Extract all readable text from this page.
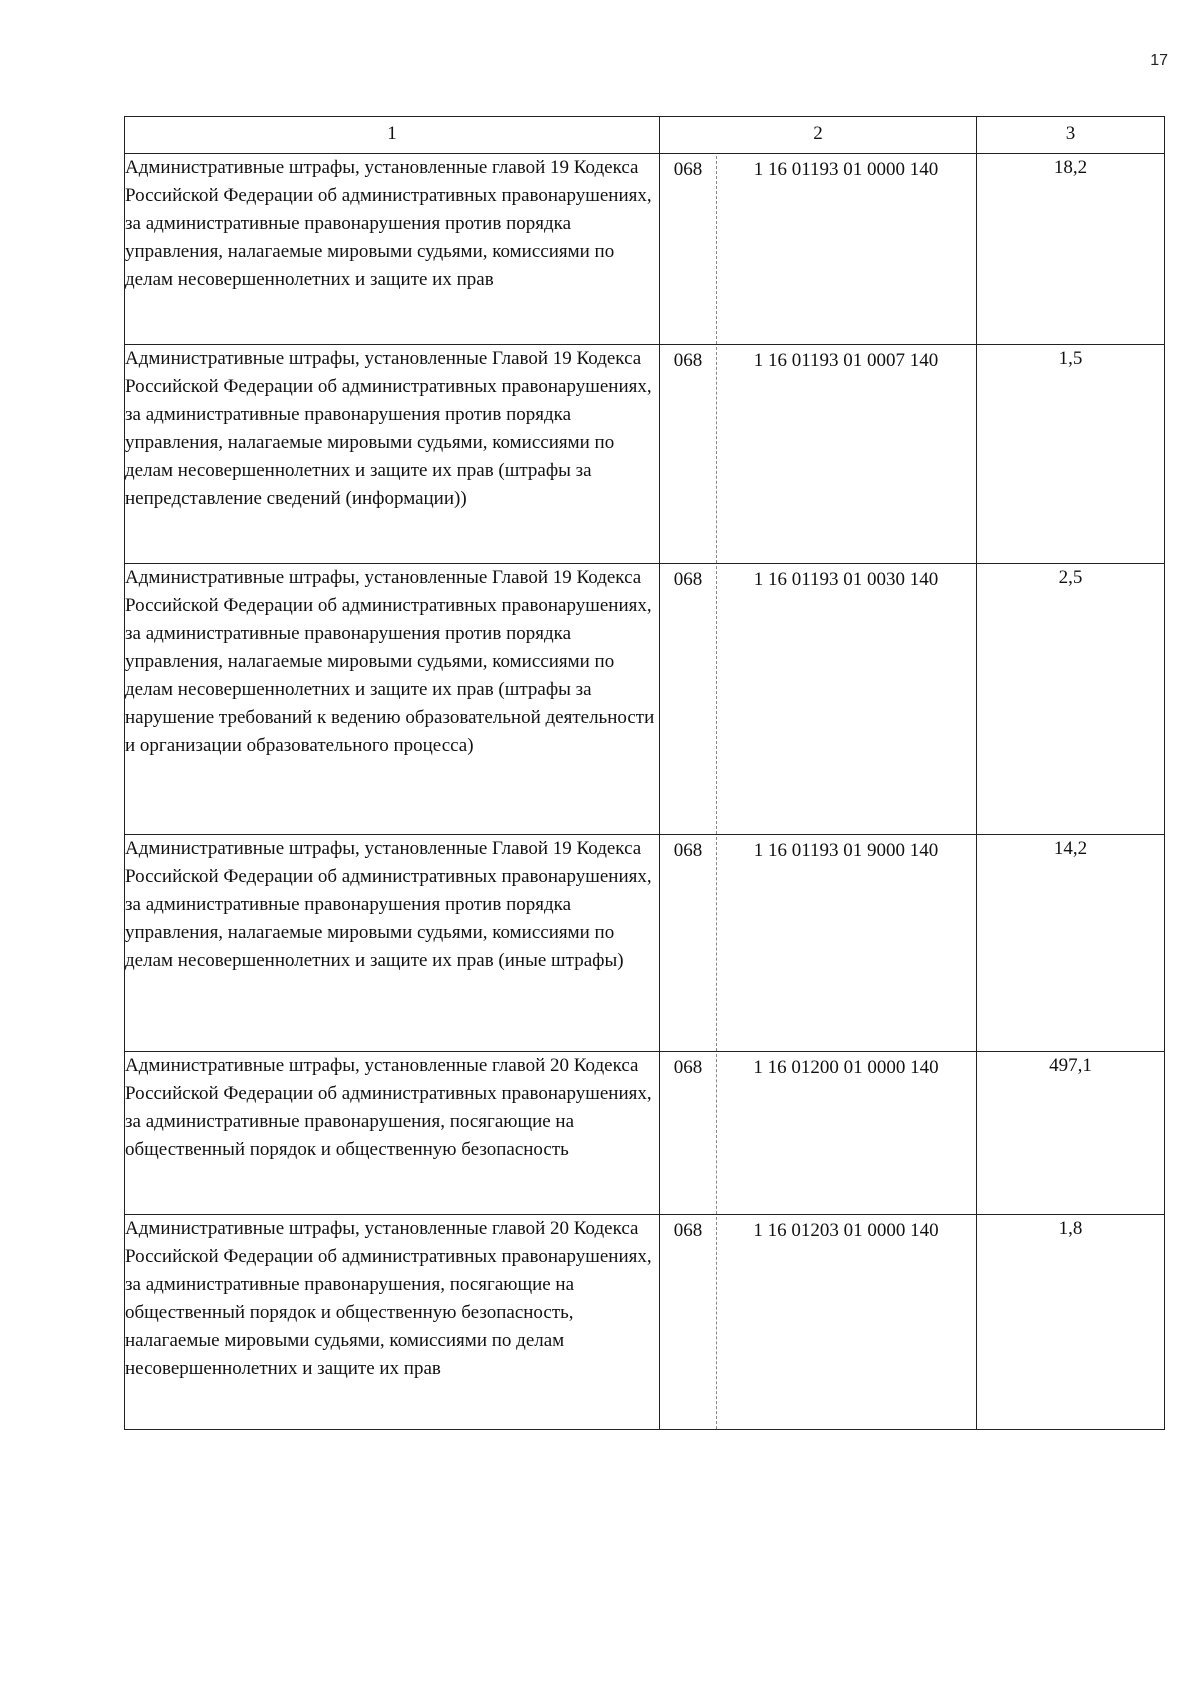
17
1	2	3
Административные штрафы, установленные главой 19 Кодекса Российской Федерации об административных правонарушениях, за административные правонарушения против порядка управления, налагаемые мировыми судьями, комиссиями по делам несовершеннолетних и защите их прав	068 1 16 01193 01 0000 140	18,2
Административные штрафы, установленные Главой 19 Кодекса Российской Федерации об административных правонарушениях, за административные правонарушения против порядка управления, налагаемые мировыми судьями, комиссиями по делам несовершеннолетних и защите их прав (штрафы за непредставление сведений (информации))	068 1 16 01193 01 0007 140	1,5
Административные штрафы, установленные Главой 19 Кодекса Российской Федерации об административных правонарушениях, за административные правонарушения против порядка управления, налагаемые мировыми судьями, комиссиями по делам несовершеннолетних и защите их прав (штрафы за нарушение требований к ведению образовательной деятельности и организации образовательного процесса)	068 1 16 01193 01 0030 140	2,5
Административные штрафы, установленные Главой 19 Кодекса Российской Федерации об административных правонарушениях, за административные правонарушения против порядка управления, налагаемые мировыми судьями, комиссиями по делам несовершеннолетних и защите их прав (иные штрафы)	068 1 16 01193 01 9000 140	14,2
Административные штрафы, установленные главой 20 Кодекса Российской Федерации об административных правонарушениях, за административные правонарушения, посягающие на общественный порядок и общественную безопасность	068 1 16 01200 01 0000 140	497,1
Административные штрафы, установленные главой 20 Кодекса Российской Федерации об административных правонарушениях, за административные правонарушения, посягающие на общественный порядок и общественную безопасность, налагаемые мировыми судьями, комиссиями по делам несовершеннолетних и защите их прав	068 1 16 01203 01 0000 140	1,8
